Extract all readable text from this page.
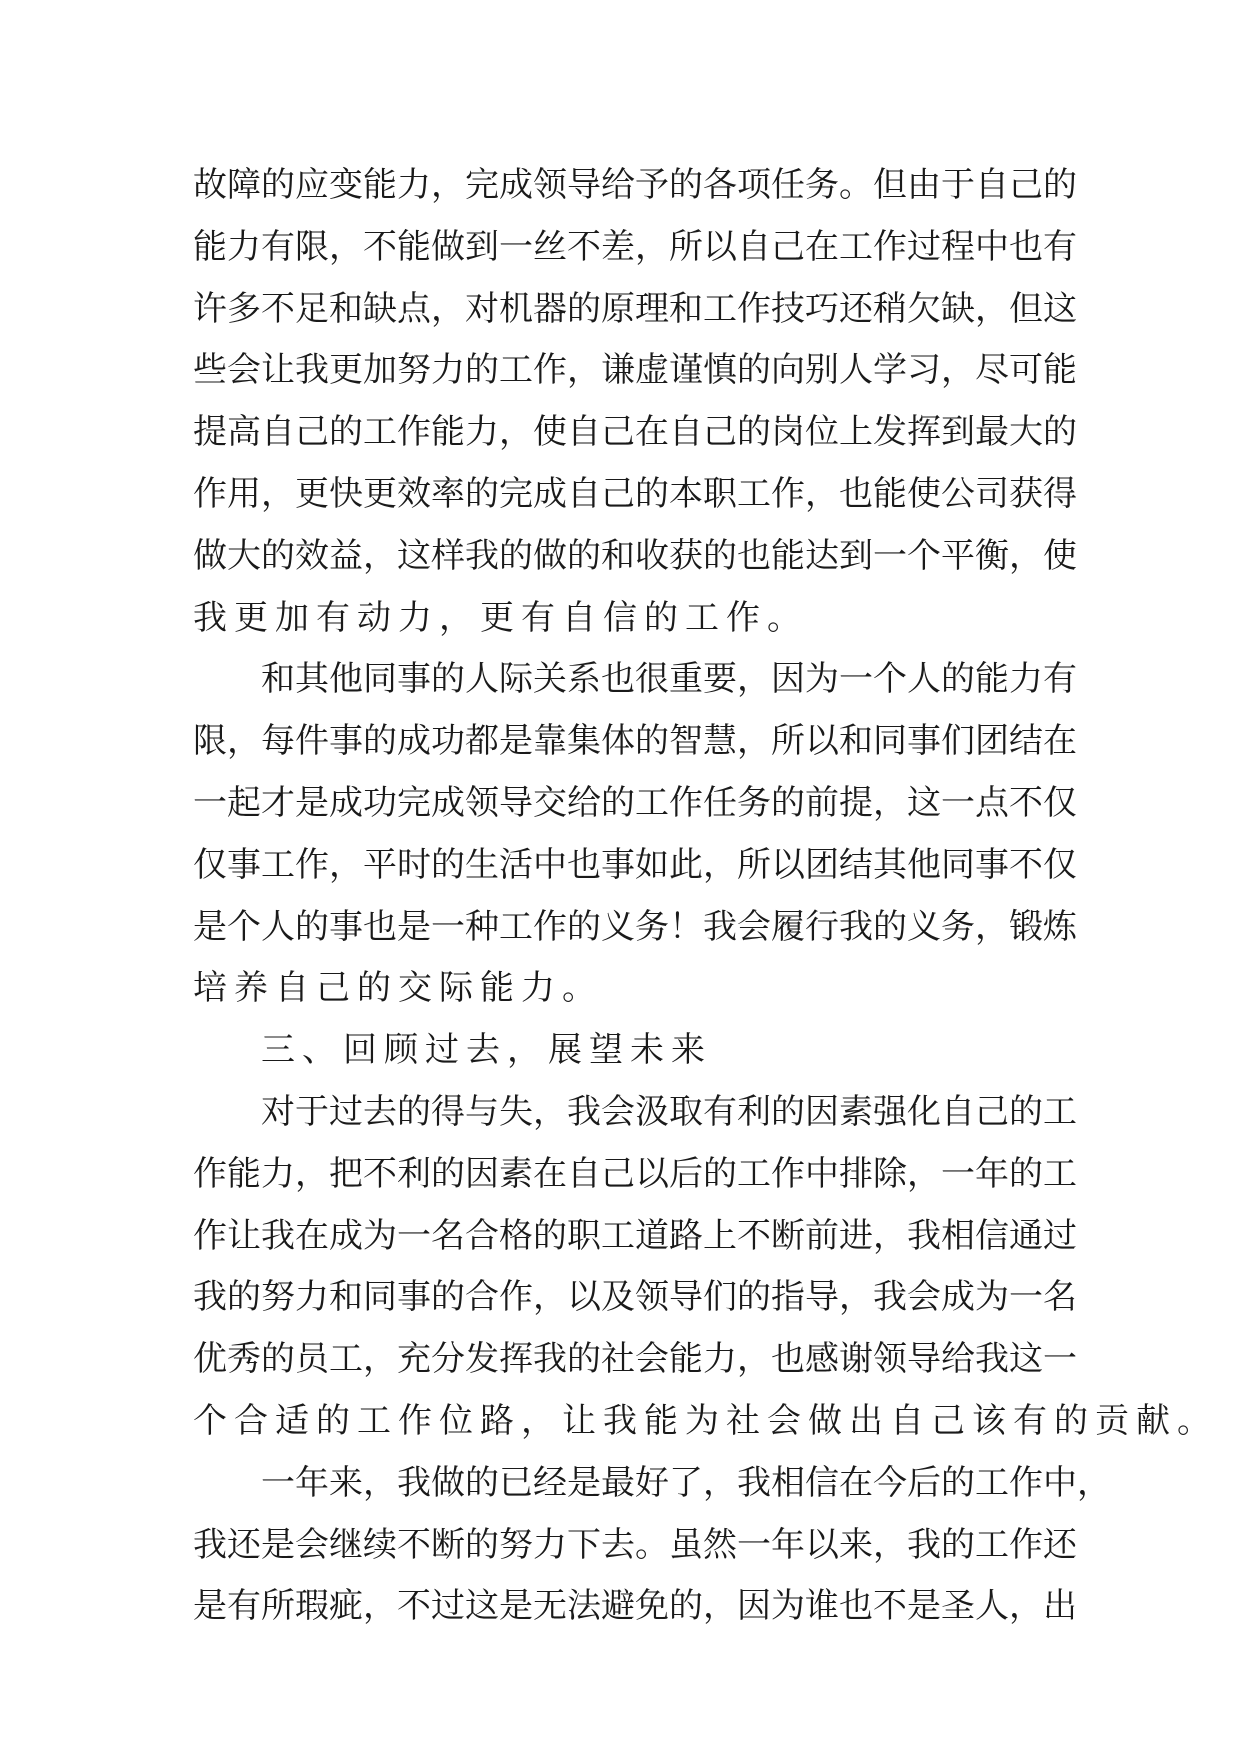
故障的应变能力，完成领导给予的各项任务。但由于自己的
能力有限，不能做到一丝不差，所以自己在工作过程中也有
许多不足和缺点，对机器的原理和工作技巧还稍欠缺，但这
些会让我更加努力的工作，谦虚谨慎的向别人学习，尽可能
提高自己的工作能力，使自己在自己的岗位上发挥到最大的
作用，更快更效率的完成自己的本职工作，也能使公司获得
做大的效益，这样我的做的和收获的也能达到一个平衡，使
我更加有动力，更有自信的工作。
和其他同事的人际关系也很重要，因为一个人的能力有
限，每件事的成功都是靠集体的智慧，所以和同事们团结在
一起才是成功完成领导交给的工作任务的前提，这一点不仅
仅事工作，平时的生活中也事如此，所以团结其他同事不仅
是个人的事也是一种工作的义务！我会履行我的义务，锻炼
培养自己的交际能力。
三、回顾过去，展望未来
对于过去的得与失，我会汲取有利的因素强化自己的工
作能力，把不利的因素在自己以后的工作中排除，一年的工
作让我在成为一名合格的职工道路上不断前进，我相信通过
我的努力和同事的合作，以及领导们的指导，我会成为一名
优秀的员工，充分发挥我的社会能力，也感谢领导给我这一
个合适的工作位路，让我能为社会做出自己该有的贡献。
一年来，我做的已经是最好了，我相信在今后的工作中，
我还是会继续不断的努力下去。虽然一年以来，我的工作还
是有所瑕疵，不过这是无法避免的，因为谁也不是圣人，出
